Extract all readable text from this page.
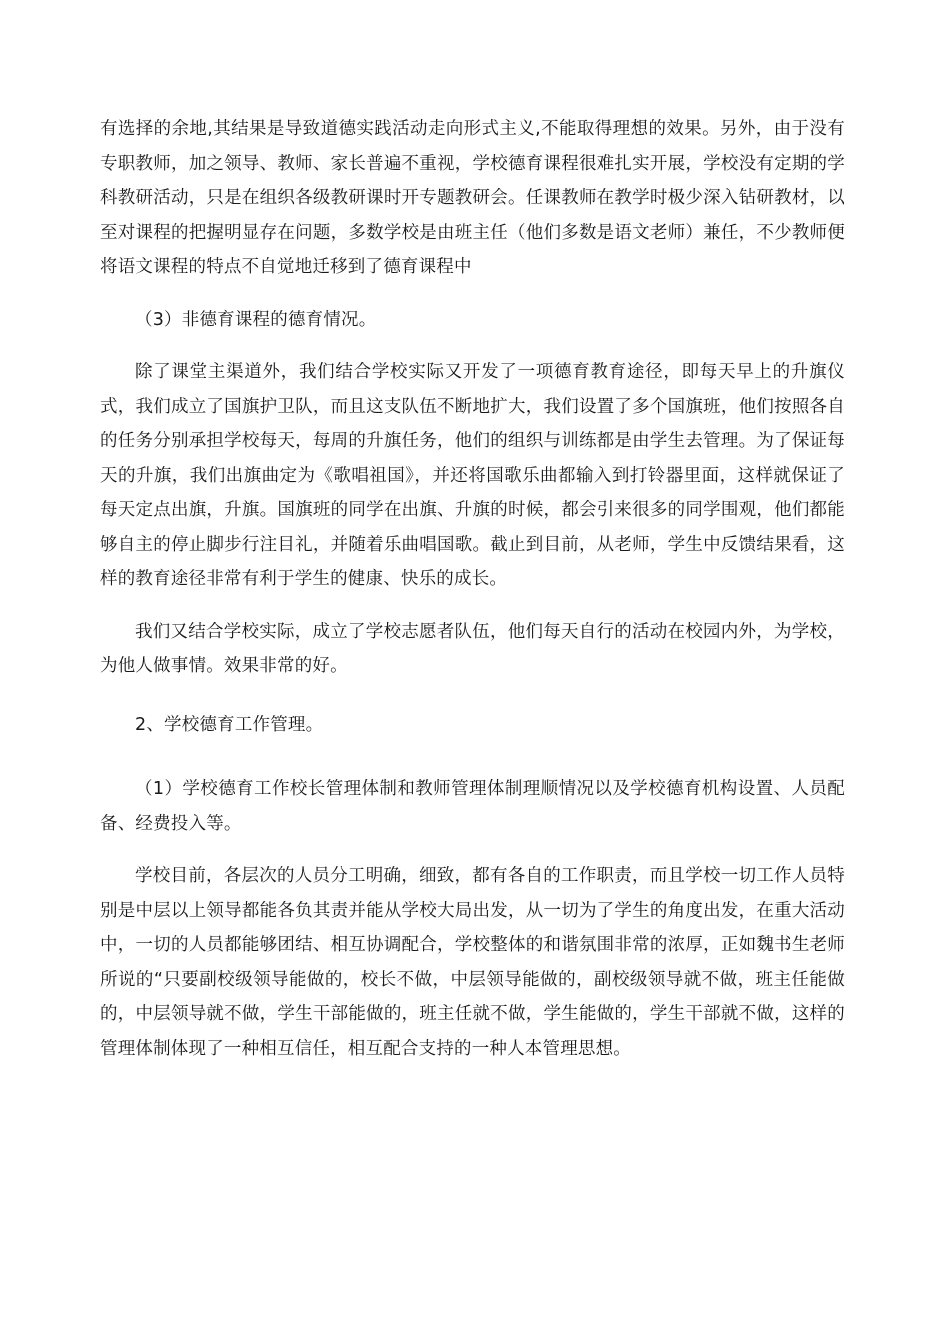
有选择的余地,其结果是导致道德实践活动走向形式主义,不能取得理想的效果。另外，由于没有专职教师，加之领导、教师、家长普遍不重视，学校德育课程很难扎实开展，学校没有定期的学科教研活动，只是在组织各级教研课时开专题教研会。任课教师在教学时极少深入钻研教材，以至对课程的把握明显存在问题，多数学校是由班主任（他们多数是语文老师）兼任，不少教师便将语文课程的特点不自觉地迁移到了德育课程中

（3）非德育课程的德育情况。

除了课堂主渠道外，我们结合学校实际又开发了一项德育教育途径，即每天早上的升旗仪式，我们成立了国旗护卫队，而且这支队伍不断地扩大，我们设置了多个国旗班，他们按照各自的任务分别承担学校每天，每周的升旗任务，他们的组织与训练都是由学生去管理。为了保证每天的升旗，我们出旗曲定为《歌唱祖国》，并还将国歌乐曲都输入到打铃器里面，这样就保证了每天定点出旗，升旗。国旗班的同学在出旗、升旗的时候，都会引来很多的同学围观，他们都能够自主的停止脚步行注目礼，并随着乐曲唱国歌。截止到目前，从老师，学生中反馈结果看，这样的教育途径非常有利于学生的健康、快乐的成长。

我们又结合学校实际，成立了学校志愿者队伍，他们每天自行的活动在校园内外，为学校，为他人做事情。效果非常的好。

2、学校德育工作管理。

（1）学校德育工作校长管理体制和教师管理体制理顺情况以及学校德育机构设置、人员配备、经费投入等。

学校目前，各层次的人员分工明确，细致，都有各自的工作职责，而且学校一切工作人员特别是中层以上领导都能各负其责并能从学校大局出发，从一切为了学生的角度出发，在重大活动中，一切的人员都能够团结、相互协调配合，学校整体的和谐氛围非常的浓厚，正如魏书生老师所说的“只要副校级领导能做的，校长不做，中层领导能做的，副校级领导就不做，班主任能做的，中层领导就不做，学生干部能做的，班主任就不做，学生能做的，学生干部就不做，这样的管理体制体现了一种相互信任，相互配合支持的一种人本管理思想。
